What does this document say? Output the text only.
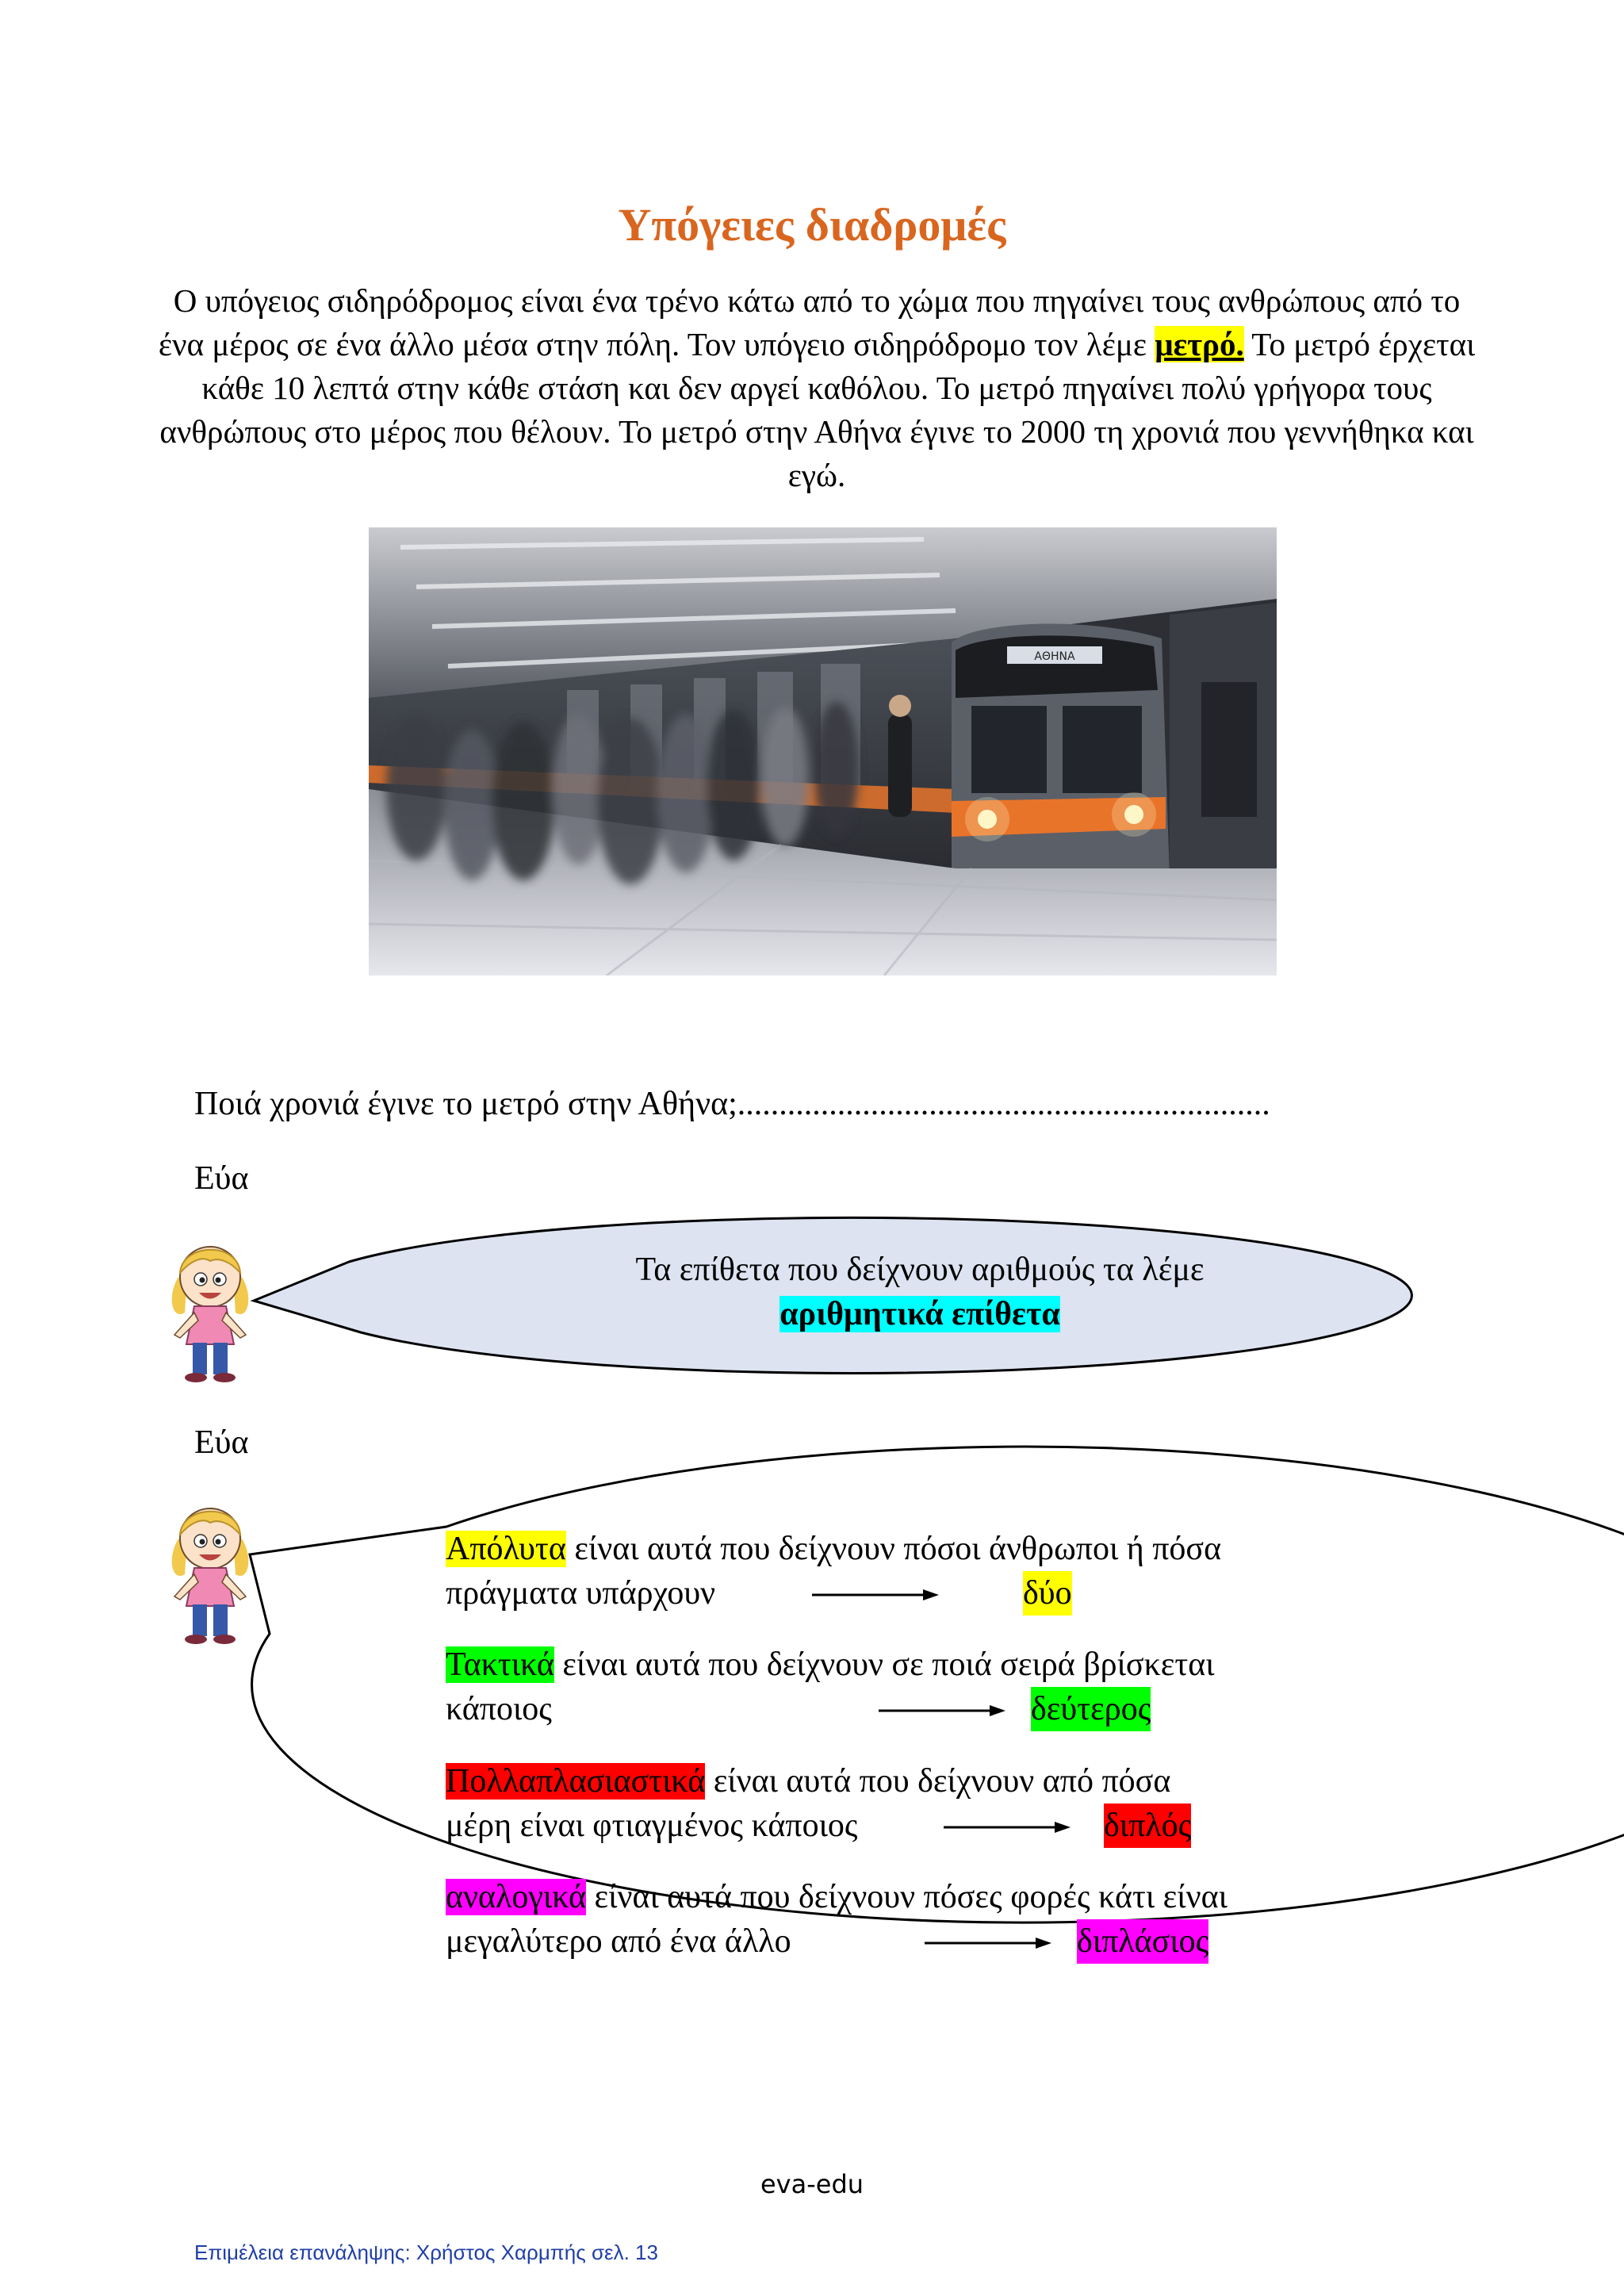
Υπόγειες διαδρομές
Ο υπόγειος σιδηρόδρομος είναι ένα τρένο κάτω από το χώμα που πηγαίνει τους ανθρώπους από το ένα μέρος σε ένα άλλο μέσα στην πόλη. Τον υπόγειο σιδηρόδρομο τον λέμε μετρό. Το μετρό έρχεται κάθε 10 λεπτά στην κάθε στάση και δεν αργεί καθόλου. Το μετρό πηγαίνει πολύ γρήγορα τους ανθρώπους στο μέρος που θέλουν. Το μετρό στην Αθήνα έγινε το 2000 τη χρονιά που γεννήθηκα και εγώ.
ΑΘΗΝΑ
Ποιά χρονιά έγινε το μετρό στην Αθήνα;................................................................
Εύα
Τα επίθετα που δείχνουν αριθμούς τα λέμε
αριθμητικά επίθετα
Εύα
Απόλυτα είναι αυτά που δείχνουν πόσοι άνθρωποι ή πόσα
πράγματα υπάρχουν	δύο
Τακτικά είναι αυτά που δείχνουν σε ποιά σειρά βρίσκεται
κάποιος	δεύτερος
Πολλαπλασιαστικά είναι αυτά που δείχνουν από πόσα
μέρη είναι φτιαγμένος κάποιος	διπλός
αναλογικά είναι αυτά που δείχνουν πόσες φορές κάτι είναι
μεγαλύτερο από ένα άλλο	διπλάσιος
eva-edu
Επιμέλεια επανάληψης: Χρήστος Χαρμπής σελ. 13
